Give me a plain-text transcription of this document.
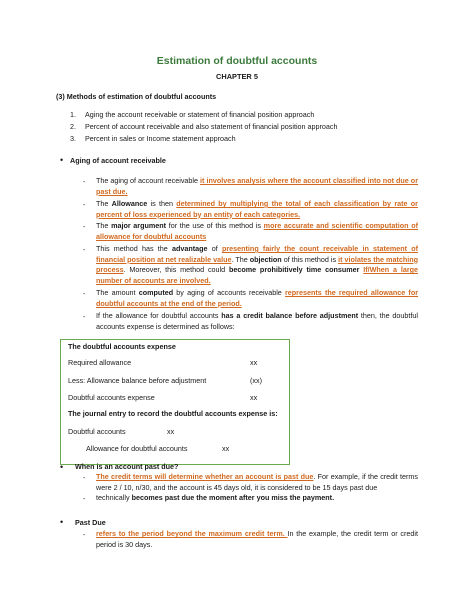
Estimation of doubtful accounts
CHAPTER 5
(3) Methods of estimation of doubtful accounts
1. Aging the account receivable or statement of financial position approach
2. Percent of account receivable and also statement of financial position approach
3. Percent in sales or Income statement approach
• Aging of account receivable
- The aging of account receivable it involves analysis where the account classified into not due or past due.
- The Allowance is then determined by multiplying the total of each classification by rate or percent of loss experienced by an entity of each categories.
- The major argument for the use of this method is more accurate and scientific computation of allowance for doubtful accounts
- This method has the advantage of presenting fairly the count receivable in statement of financial position at net realizable value. The objection of this method is it violates the matching process. Moreover, this method could become prohibitively time consumer If/When a large number of accounts are involved.
- The amount computed by aging of accounts receivable represents the required allowance for doubtful accounts at the end of the period.
- If the allowance for doubtful accounts has a credit balance before adjustment then, the doubtful accounts expense is determined as follows:
The doubtful accounts expense
Required allowance	xx
Less: Allowance balance before adjustment	(xx)
Doubtful accounts expense	xx
The journal entry to record the doubtful accounts expense is:
Doubtful accounts	xx
Allowance for doubtful accounts	xx
• When is an account past due?
- The credit terms will determine whether an account is past due. For example, if the credit terms were 2 / 10, n/30, and the account is 45 days old, it is considered to be 15 days past due
- technically becomes past due the moment after you miss the payment.
• Past Due
- refers to the period beyond the maximum credit term. In the example, the credit term or credit period is 30 days.
